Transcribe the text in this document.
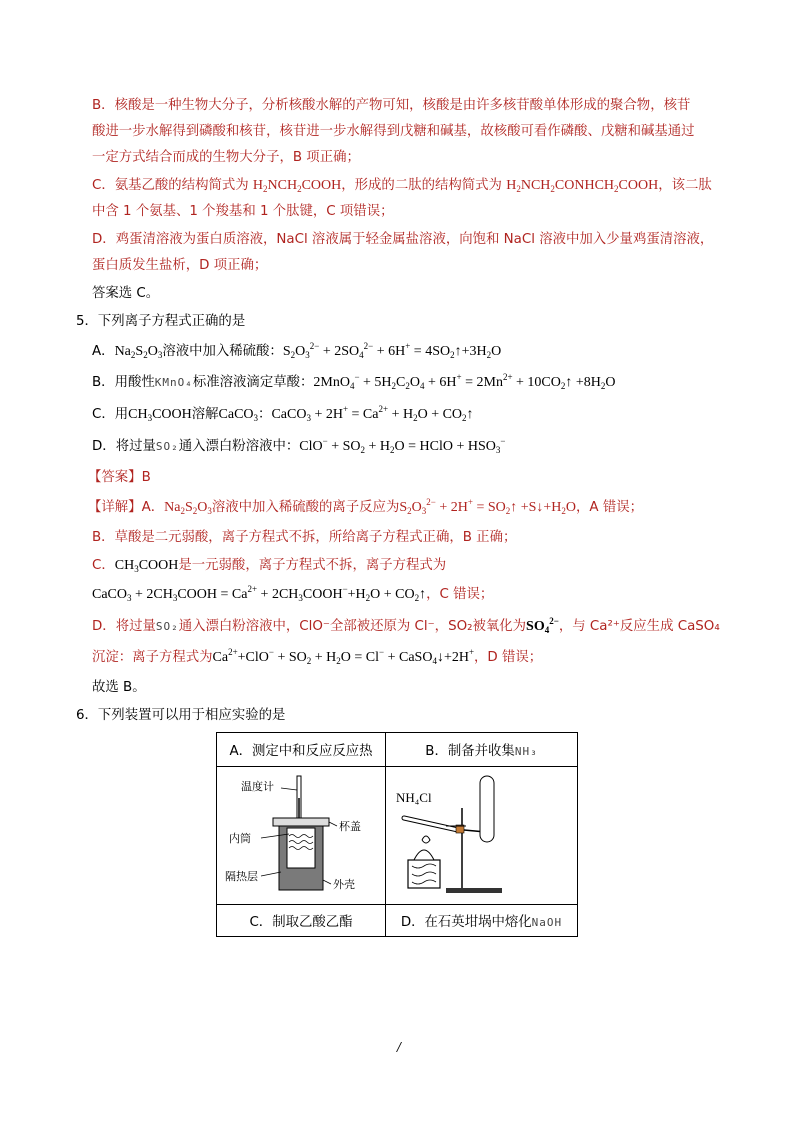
B．核酸是一种生物大分子，分析核酸水解的产物可知，核酸是由许多核苷酸单体形成的聚合物，核苷
酸进一步水解得到磷酸和核苷，核苷进一步水解得到戊糖和碱基，故核酸可看作磷酸、戊糖和碱基通过
一定方式结合而成的生物大分子，B 项正确；
C．氨基乙酸的结构简式为 $H_2NCH_2COOH$，形成的二肽的结构简式为 $H_2NCH_2CONHCH_2COOH$，该二肽
中含 1 个氨基、1 个羧基和 1 个肽键，C 项错误；
D．鸡蛋清溶液为蛋白质溶液，NaCl 溶液属于轻金属盐溶液，向饱和 NaCl 溶液中加入少量鸡蛋清溶液，
蛋白质发生盐析，D 项正确；
答案选 C。
5．下列离子方程式正确的是
A．$Na_2S_2O_3$溶液中加入稀硫酸：$S_2O_3^{2-} + 2SO_4^{2-} + 6H^+$ = $4SO_2↑+3H_2O$
B．用酸性KMnO₄标准溶液滴定草酸：$2MnO_4^- + 5H_2C_2O_4 + 6H^+ = 2Mn^{2+}$ + $10CO_2↑ +8H_2O$
C．用$CH_3COOH$溶解CaCO$_3$：CaCO$_3$ + $2H^+ = Ca^{2+} + H_2O$ + $CO_2↑$
D．将过量SO₂通入漂白粉溶液中：$ClO^- + SO_2 + H_2O$ = HClO + $HSO_3^-$
【答案】B
【详解】A．$Na_2S_2O_3$溶液中加入稀硫酸的离子反应为$S_2O_3^{2-} + 2H^+$ = $SO_2↑$ $+S↓+H_2O$，A 错误；
B．草酸是二元弱酸，离子方程式不拆，所给离子方程式正确，B 正确；
C．$CH_3COOH$是一元弱酸，离子方程式不拆，离子方程式为
CaCO$_3$ + $2CH_3COOH = Ca^{2+}$ + $2CH_3COOH^-+H_2O$ + $CO_2↑$，C 错误；
D．将过量SO₂通入漂白粉溶液中，ClO⁻全部被还原为 Cl⁻，SO₂被氧化为$SO_4^{2-}$，与 Ca²⁺反应生成 CaSO₄
沉淀：离子方程式为$Ca^{2+}+ClO^- + SO_2 + H_2O = Cl^-$ + CaSO$_4$↓+2H+，D 错误；
故选 B。
6．下列装置可以用于相应实验的是
A．测定中和反应反应热	B．制备并收集NH₃

温度计
内筒
杯盖
隔热层
外壳	NH₄Cl

C．制取乙酸乙酯	D．在石英坩埚中熔化NaOH
/
